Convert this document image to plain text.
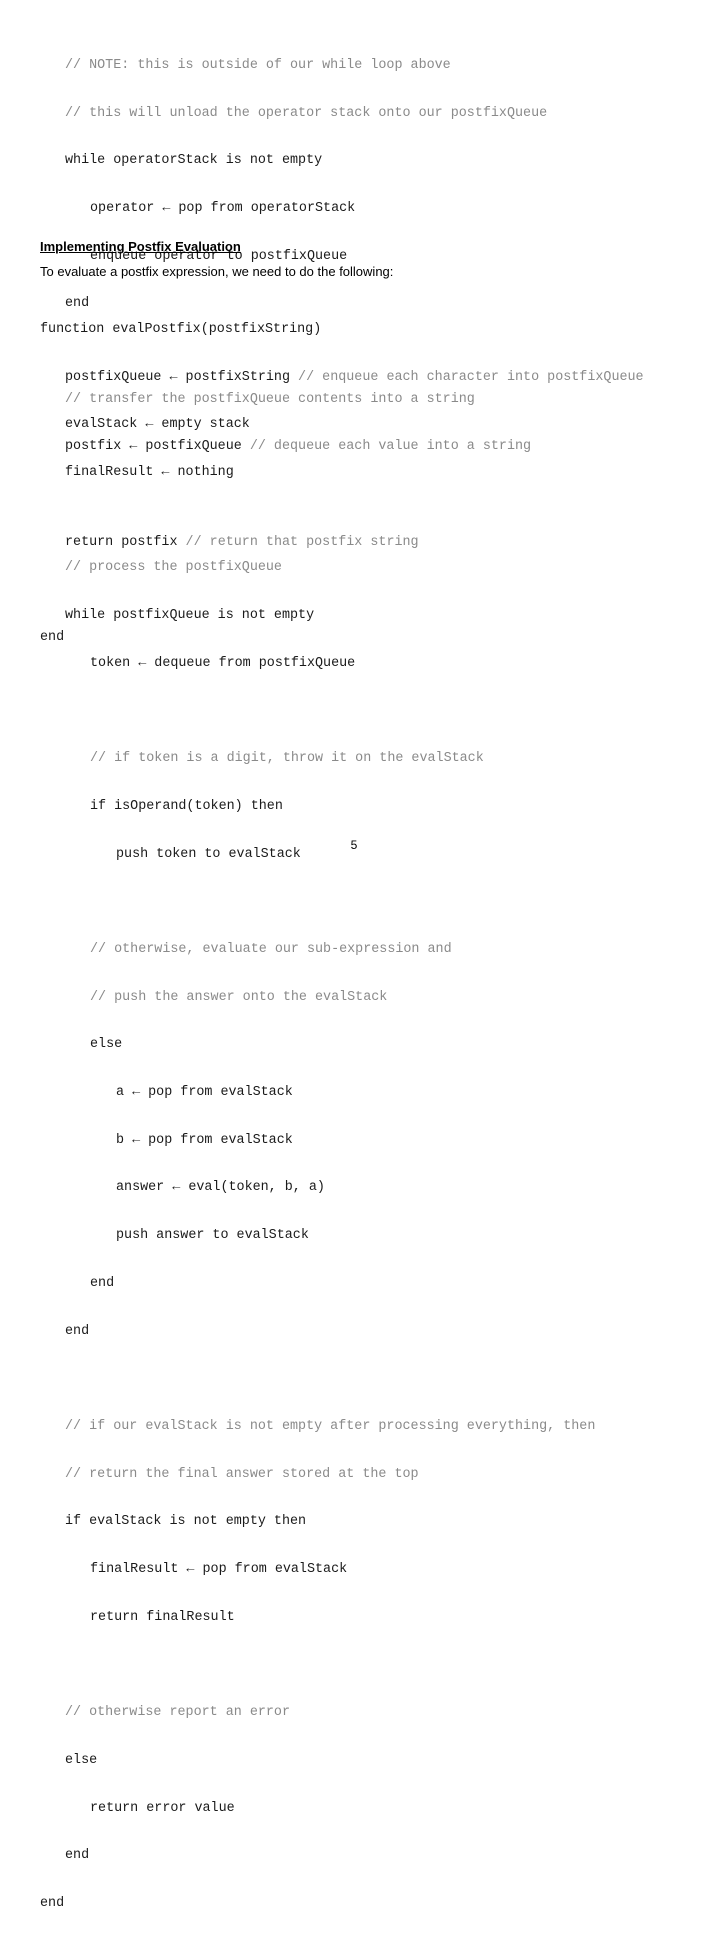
// NOTE: this is outside of our while loop above

// this will unload the operator stack onto our postfixQueue

while operatorStack is not empty

operator ← pop from operatorStack

enqueue operator to postfixQueue

end

// transfer the postfixQueue contents into a string

postfix ← postfixQueue // dequeue each value into a string

return postfix // return that postfix string

end

Implementing Postfix Evaluation
To evaluate a postfix expression, we need to do the following:

function evalPostfix(postfixString)

postfixQueue ← postfixString // enqueue each character into postfixQueue

evalStack ← empty stack

finalResult ← nothing

// process the postfixQueue

while postfixQueue is not empty

token ← dequeue from postfixQueue

// if token is a digit, throw it on the evalStack

if isOperand(token) then

push token to evalStack

// otherwise, evaluate our sub-expression and

// push the answer onto the evalStack

else

a ← pop from evalStack

b ← pop from evalStack

answer ← eval(token, b, a)

push answer to evalStack

end

end

// if our evalStack is not empty after processing everything, then

// return the final answer stored at the top

if evalStack is not empty then

finalResult ← pop from evalStack

return finalResult

// otherwise report an error

else

return error value

end

end

5
